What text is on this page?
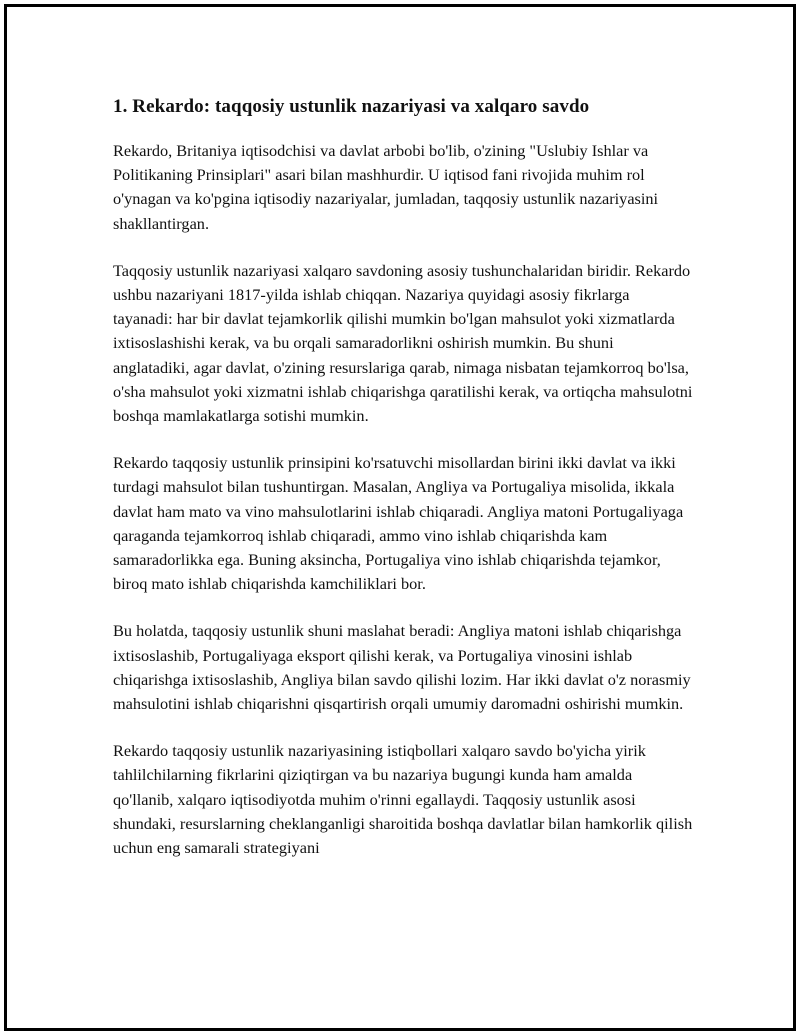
1. Rekardo: taqqosiy ustunlik nazariyasi va xalqaro savdo

Rekardo, Britaniya iqtisodchisi va davlat arbobi bo'lib, o'zining "Uslubiy Ishlar va Politikaning Prinsiplari" asari bilan mashhurdir. U iqtisod fani rivojida muhim rol o'ynagan va ko'pgina iqtisodiy nazariyalar, jumladan, taqqosiy ustunlik nazariyasini shakllantirgan.

Taqqosiy ustunlik nazariyasi xalqaro savdoning asosiy tushunchalaridan biridir. Rekardo ushbu nazariyani 1817-yilda ishlab chiqqan. Nazariya quyidagi asosiy fikrlarga tayanadi: har bir davlat tejamkorlik qilishi mumkin bo'lgan mahsulot yoki xizmatlarda ixtisoslashishi kerak, va bu orqali samaradorlikni oshirish mumkin. Bu shuni anglatadiki, agar davlat, o'zining resurslariga qarab, nimaga nisbatan tejamkorroq bo'lsa, o'sha mahsulot yoki xizmatni ishlab chiqarishga qaratilishi kerak, va ortiqcha mahsulotni boshqa mamlakatlarga sotishi mumkin.

Rekardo taqqosiy ustunlik prinsipini ko'rsatuvchi misollardan birini ikki davlat va ikki turdagi mahsulot bilan tushuntirgan. Masalan, Angliya va Portugaliya misolida, ikkala davlat ham mato va vino mahsulotlarini ishlab chiqaradi. Angliya matoni Portugaliyaga qaraganda tejamkorroq ishlab chiqaradi, ammo vino ishlab chiqarishda kam samaradorlikka ega. Buning aksincha, Portugaliya vino ishlab chiqarishda tejamkor, biroq mato ishlab chiqarishda kamchiliklari bor.

Bu holatda, taqqosiy ustunlik shuni maslahat beradi: Angliya matoni ishlab chiqarishga ixtisoslashib, Portugaliyaga eksport qilishi kerak, va Portugaliya vinosini ishlab chiqarishga ixtisoslashib, Angliya bilan savdo qilishi lozim. Har ikki davlat o'z norasmiy mahsulotini ishlab chiqarishni qisqartirish orqali umumiy daromadni oshirishi mumkin.

Rekardo taqqosiy ustunlik nazariyasining istiqbollari xalqaro savdo bo'yicha yirik tahlilchilarning fikrlarini qiziqtirgan va bu nazariya bugungi kunda ham amalda qo'llanib, xalqaro iqtisodiyotda muhim o'rinni egallaydi. Taqqosiy ustunlik asosi shundaki, resurslarning cheklanganligi sharoitida boshqa davlatlar bilan hamkorlik qilish uchun eng samarali strategiyani
